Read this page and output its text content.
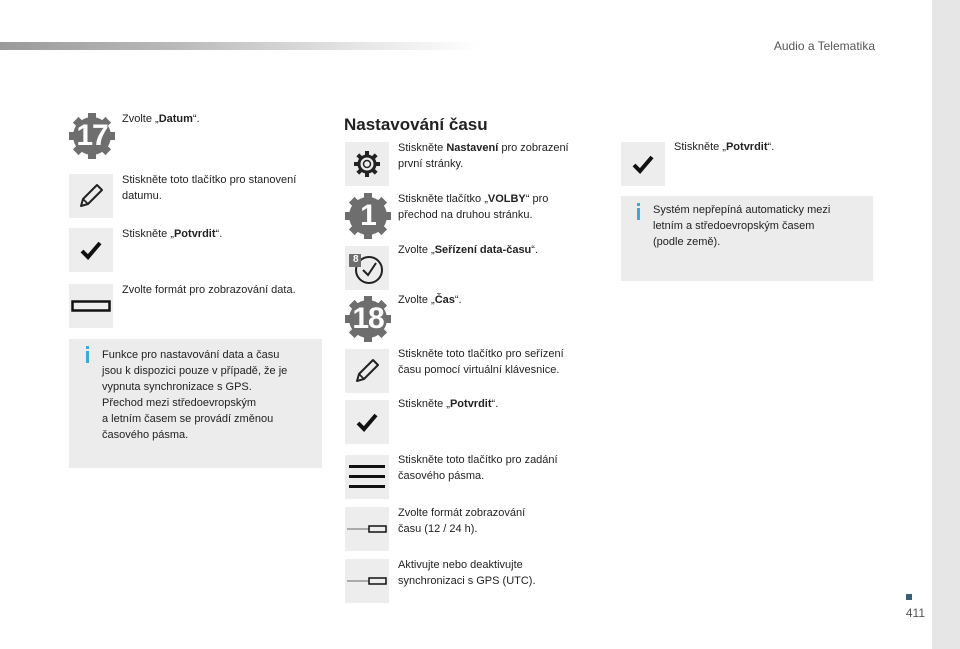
Audio a Telematika
411
17 Zvolte „Datum“.
Stiskněte toto tlačítko pro stanovení datumu.
Stiskněte „Potvrdit“.
Zvolte formát pro zobrazování data.
Funkce pro nastavování data a času
jsou k dispozici pouze v případě, že je
vypnuta synchronizace s GPS.
Přechod mezi středoevropským
a letním časem se provádí změnou
časového pásma.
Nastavování času
Stiskněte Nastavení pro zobrazení
první stránky.
1 Stiskněte tlačítko „VOLBY“ pro
přechod na druhou stránku.
8
Zvolte „Seřízení data-času“.
18
Zvolte „Čas“.
Stiskněte toto tlačítko pro seřízení
času pomocí virtuální klávesnice.
Stiskněte „Potvrdit“.
Stiskněte toto tlačítko pro zadání
časového pásma.
Zvolte formát zobrazování
času (12 / 24 h).
Aktivujte nebo deaktivujte
synchronizaci s GPS (UTC).
Stiskněte „Potvrdit“.
Systém nepřepíná automaticky mezi
letním a středoevropským časem
(podle země).
